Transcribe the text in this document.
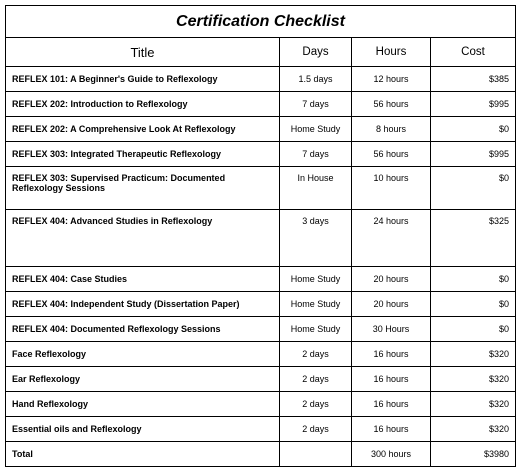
Certification Checklist			
Title	Days	Hours	Cost
REFLEX 101: A Beginner's Guide to Reflexology	1.5 days	12 hours	$385
REFLEX 202: Introduction to Reflexology	7 days	56 hours	$995
REFLEX 202: A Comprehensive Look At Reflexology	Home Study	8 hours	$0
REFLEX 303: Integrated Therapeutic Reflexology	7 days	56 hours	$995
REFLEX 303: Supervised Practicum: Documented Reflexology Sessions	In House	10 hours	$0
REFLEX 404: Advanced Studies in Reflexology	3 days	24 hours	$325
REFLEX 404: Case Studies	Home Study	20 hours	$0
REFLEX 404: Independent Study (Dissertation Paper)	Home Study	20 hours	$0
REFLEX 404: Documented Reflexology Sessions	Home Study	30 Hours	$0
Face Reflexology	2 days	16 hours	$320
Ear Reflexology	2 days	16 hours	$320
Hand Reflexology	2 days	16 hours	$320
Essential oils and Reflexology	2 days	16 hours	$320
Total		300 hours	$3980
